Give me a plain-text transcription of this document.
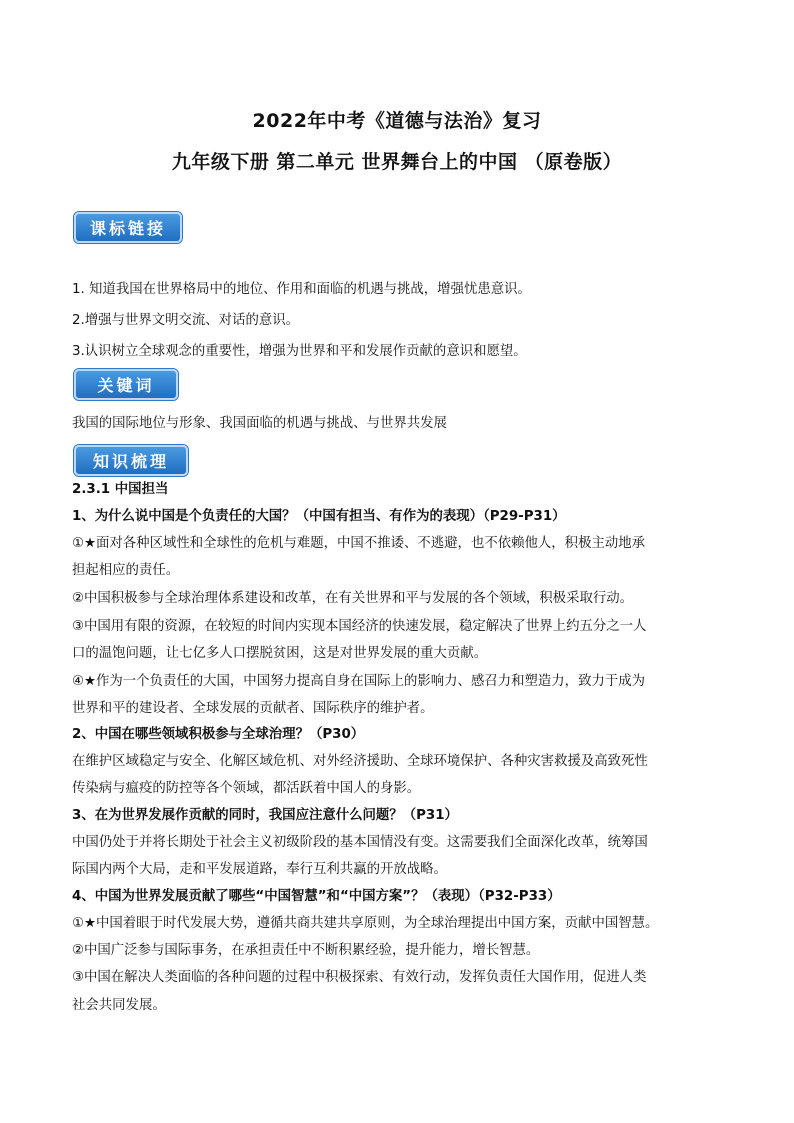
2022年中考《道德与法治》复习
九年级下册 第二单元 世界舞台上的中国 （原卷版）
课标链接
1. 知道我国在世界格局中的地位、作用和面临的机遇与挑战，增强忧患意识。
2.增强与世界文明交流、对话的意识。
3.认识树立全球观念的重要性，增强为世界和平和发展作贡献的意识和愿望。
关键词
我国的国际地位与形象、我国面临的机遇与挑战、与世界共发展
知识梳理
2.3.1 中国担当
1、为什么说中国是个负责任的大国？（中国有担当、有作为的表现）（P29-P31）
①★面对各种区域性和全球性的危机与难题，中国不推诿、不逃避，也不依赖他人，积极主动地承
担起相应的责任。
②中国积极参与全球治理体系建设和改革，在有关世界和平与发展的各个领域，积极采取行动。
③中国用有限的资源，在较短的时间内实现本国经济的快速发展，稳定解决了世界上约五分之一人
口的温饱问题，让七亿多人口摆脱贫困，这是对世界发展的重大贡献。
④★作为一个负责任的大国，中国努力提高自身在国际上的影响力、感召力和塑造力，致力于成为
世界和平的建设者、全球发展的贡献者、国际秩序的维护者。
2、中国在哪些领域积极参与全球治理？（P30）
在维护区域稳定与安全、化解区域危机、对外经济援助、全球环境保护、各种灾害救援及高致死性
传染病与瘟疫的防控等各个领域，都活跃着中国人的身影。
3、在为世界发展作贡献的同时，我国应注意什么问题？（P31）
中国仍处于并将长期处于社会主义初级阶段的基本国情没有变。这需要我们全面深化改革，统筹国
际国内两个大局，走和平发展道路，奉行互利共赢的开放战略。
4、中国为世界发展贡献了哪些“中国智慧”和“中国方案”？（表现）（P32-P33）
①★中国着眼于时代发展大势，遵循共商共建共享原则，为全球治理提出中国方案，贡献中国智慧。
②中国广泛参与国际事务，在承担责任中不断积累经验，提升能力，增长智慧。
③中国在解决人类面临的各种问题的过程中积极探索、有效行动，发挥负责任大国作用，促进人类
社会共同发展。
